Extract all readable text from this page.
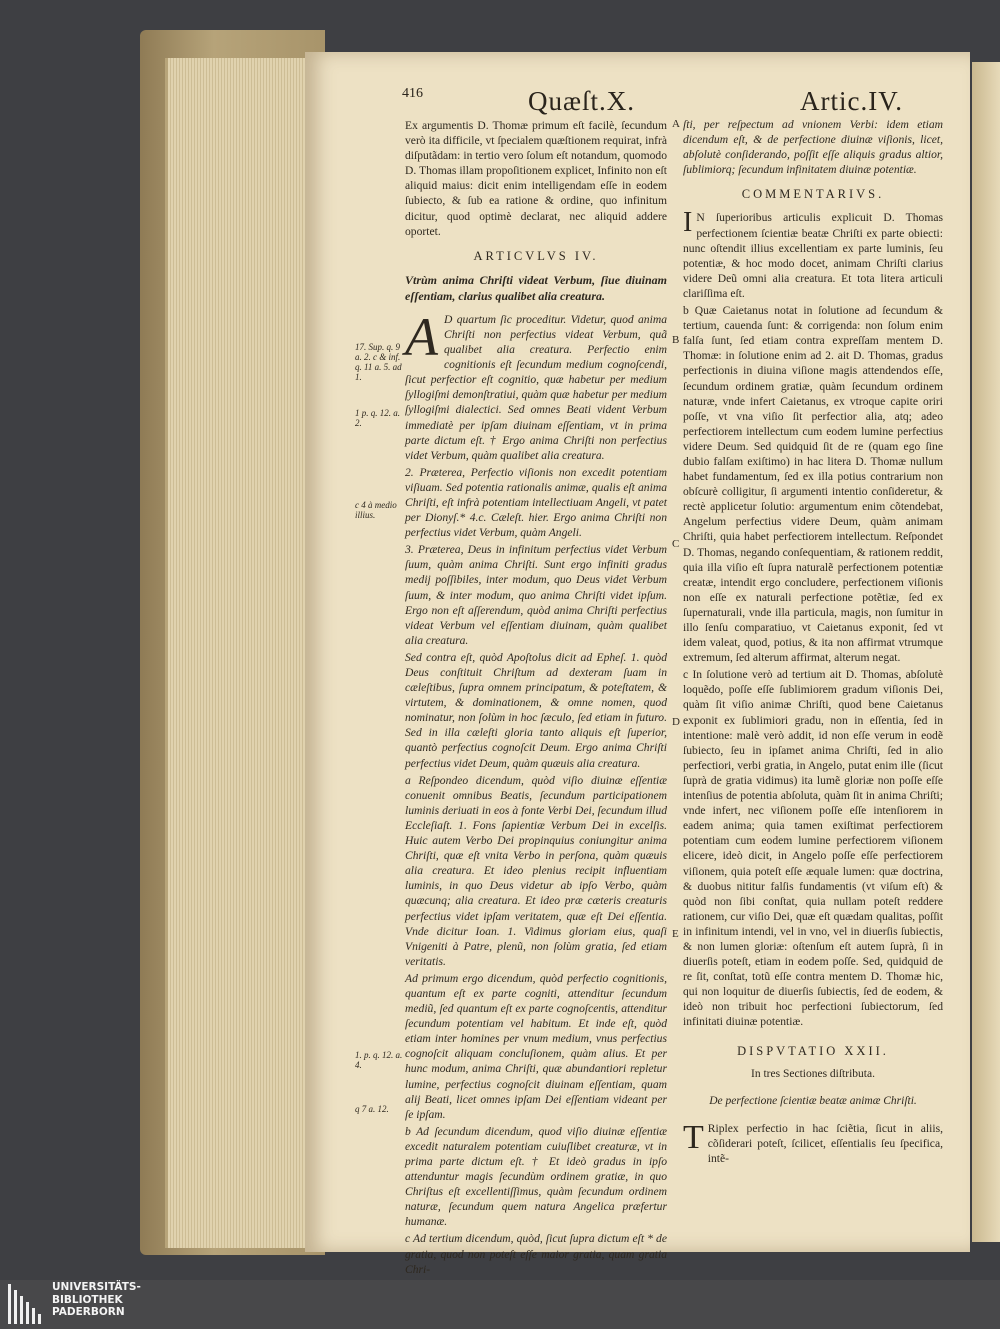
416	Quæſt.X.	Artic.IV.

Ex argumentis D. Thomæ primum eſt facilè, ſecundum verò ita difficile, vt ſpecialem quæſtionem requirat, infrà diſputãdam: in tertio vero ſolum eſt notandum, quomodo D. Thomas illam propoſitionem explicet, Infinito non eſt aliquid maius: dicit enim intelligendam eſſe in eodem ſubiecto, & ſub ea ratione & ordine, quo infinitum dicitur, quod optimè declarat, nec aliquid addere oportet.

ARTICVLVS IV.
Vtrùm anima Chriſti videat Verbum, ſiue diuinam eſſentiam, clarius qualibet alia creatura.

A D quartum ſic proceditur. Videtur, quod anima Chriſti non perfectius videat Verbum, quã qualibet alia creatura. Perfectio enim cognitionis eſt ſecundum medium cognoſcendi, ſicut perfectior eſt cognitio, quæ habetur per medium ſyllogiſmi demonſtratiui, quàm quæ habetur per medium ſyllogiſmi dialectici. Sed omnes Beati vident Verbum immediatè per ipſam diuinam eſſentiam, vt in prima parte dictum eſt. † Ergo anima Chriſti non perfectius videt Verbum, quàm qualibet alia creatura.

2. Præterea, Perfectio viſionis non excedit potentiam viſiuam. Sed potentia rationalis animæ, qualis eſt anima Chriſti, eſt infrà potentiam intellectiuam Angeli, vt patet per Dionyſ.* 4.c. Cæleſt. hier. Ergo anima Chriſti non perfectius videt Verbum, quàm Angeli.

3. Præterea, Deus in infinitum perfectius videt Verbum ſuum, quàm anima Chriſti. Sunt ergo infiniti gradus medij poſſibiles, inter modum, quo Deus videt Verbum ſuum, & inter modum, quo anima Chriſti videt ipſum. Ergo non eſt aſſerendum, quòd anima Chriſti perfectius videat Verbum vel eſſentiam diuinam, quàm qualibet alia creatura.

Sed contra eſt, quòd Apoſtolus dicit ad Epheſ. 1. quòd Deus conſtituit Chriſtum ad dexteram ſuam in cæleſtibus, ſupra omnem principatum, & poteſtatem, & virtutem, & dominationem, & omne nomen, quod nominatur, non ſolùm in hoc ſæculo, ſed etiam in futuro. Sed in illa cæleſti gloria tanto aliquis eſt ſuperior, quantò perfectius cognoſcit Deum. Ergo anima Chriſti perfectius videt Deum, quàm quæuis alia creatura.

a Reſpondeo dicendum, quòd viſio diuinæ eſſentiæ conuenit omnibus Beatis, ſecundum participationem luminis deriuati in eos à fonte Verbi Dei, ſecundum illud Eccleſiaſt. 1. Fons ſapientiæ Verbum Dei in excelſis. Huic autem Verbo Dei propinquius coniungitur anima Chriſti, quæ eſt vnita Verbo in perſona, quàm quæuis alia creatura. Et ideo plenius recipit influentiam luminis, in quo Deus videtur ab ipſo Verbo, quàm quæcunq; alia creatura. Et ideo præ cæteris creaturis perfectius videt ipſam veritatem, quæ eſt Dei eſſentia. Vnde dicitur Ioan. 1. Vidimus gloriam eius, quaſi Vnigeniti à Patre, plenũ, non ſolùm gratia, ſed etiam veritatis.

Ad primum ergo dicendum, quòd perfectio cognitionis, quantum eſt ex parte cogniti, attenditur ſecundum mediũ, ſed quantum eſt ex parte cognoſcentis, attenditur ſecundum potentiam vel habitum. Et inde eſt, quòd etiam inter homines per vnum medium, vnus perfectius cognoſcit aliquam concluſionem, quàm alius. Et per hunc modum, anima Chriſti, quæ abundantiori repletur lumine, perfectius cognoſcit diuinam eſſentiam, quam alij Beati, licet omnes ipſam Dei eſſentiam videant per ſe ipſam.

b Ad ſecundum dicendum, quod viſio diuinæ eſſentiæ excedit naturalem potentiam cuiuſlibet creaturæ, vt in prima parte dictum eſt. † Et ideò gradus in ipſo attenduntur magis ſecundùm ordinem gratiæ, in quo Chriſtus eſt excellentiſſimus, quàm ſecundum ordinem naturæ, ſecundum quem natura Angelica præfertur humanæ.

c Ad tertium dicendum, quòd, ſicut ſupra dictum eſt * de gratia, quod non poteſt eſſe maior gratia, quam gratia Chri-

17. Sup. q. 9 a. 2. c & inf. q. 11 a. 5. ad 1.
1 p. q. 12. a. 2.
c 4 à medio illius.
1. p. q. 12. a. 4.
q 7 a. 12.
A
B
C
D
E

ſti, per reſpectum ad vnionem Verbi: idem etiam dicendum eſt, & de perfectione diuinæ viſionis, licet, abſolutè conſiderando, poſſit eſſe aliquis gradus altior, ſublimiorq; ſecundum infinitatem diuinæ potentiæ.

COMMENTARIVS.

I N ſuperioribus articulis explicuit D. Thomas perfectionem ſcientiæ beatæ Chriſti ex parte obiecti: nunc oſtendit illius excellentiam ex parte luminis, ſeu potentiæ, & hoc modo docet, animam Chriſti clarius videre Deũ omni alia creatura. Et tota litera articuli clariſſima eſt.

b Quæ Caietanus notat in ſolutione ad ſecundum & tertium, cauenda ſunt: & corrigenda: non ſolum enim falſa ſunt, ſed etiam contra expreſſam mentem D. Thomæ: in ſolutione enim ad 2. ait D. Thomas, gradus perfectionis in diuina viſione magis attendendos eſſe, ſecundum ordinem gratiæ, quàm ſecundum ordinem naturæ, vnde infert Caietanus, ex vtroque capite oriri poſſe, vt vna viſio ſit perfectior alia, atq; adeo perfectiorem intellectum cum eodem lumine perfectius videre Deum. Sed quidquid ſit de re (quam ego ſine dubio falſam exiſtimo) in hac litera D. Thomæ nullum habet fundamentum, ſed ex illa potius contrarium non obſcurè colligitur, ſi argumenti intentio conſideretur, & rectè applicetur ſolutio: argumentum enim cõtendebat, Angelum perfectius videre Deum, quàm animam Chriſti, quia habet perfectiorem intellectum. Reſpondet D. Thomas, negando conſequentiam, & rationem reddit, quia illa viſio eſt ſupra naturalẽ perfectionem potentiæ creatæ, intendit ergo concludere, perfectionem viſionis non eſſe ex naturali perfectione potẽtiæ, ſed ex ſupernaturali, vnde illa particula, magis, non ſumitur in illo ſenſu comparatiuo, vt Caietanus exponit, ſed vt idem valeat, quod, potius, & ita non affirmat vtrumque extremum, ſed alterum affirmat, alterum negat.

c In ſolutione verò ad tertium ait D. Thomas, abſolutè loquẽdo, poſſe eſſe ſublimiorem gradum viſionis Dei, quàm ſit viſio animæ Chriſti, quod bene Caietanus exponit ex ſublimiori gradu, non in eſſentia, ſed in intentione: malè verò addit, id non eſſe verum in eodẽ ſubiecto, ſeu in ipſamet anima Chriſti, ſed in alio perfectiori, verbi gratia, in Angelo, putat enim ille (ſicut ſuprà de gratia vidimus) ita lumẽ gloriæ non poſſe eſſe intenſius de potentia abſoluta, quàm ſit in anima Chriſti; vnde infert, nec viſionem poſſe eſſe intenſiorem in eadem anima; quia tamen exiſtimat perfectiorem potentiam cum eodem lumine perfectiorem viſionem elicere, ideò dicit, in Angelo poſſe eſſe perfectiorem viſionem, quia poteſt eſſe æquale lumen: quæ doctrina, & duobus nititur falſis fundamentis (vt viſum eſt) & quòd non ſibi conſtat, quia nullam poteſt reddere rationem, cur viſio Dei, quæ eſt quædam qualitas, poſſit in infinitum intendi, vel in vno, vel in diuerſis ſubiectis, & non lumen gloriæ: oſtenſum eſt autem ſuprà, ſi in diuerſis poteſt, etiam in eodem poſſe. Sed, quidquid de re ſit, conſtat, totũ eſſe contra mentem D. Thomæ hic, qui non loquitur de diuerſis ſubiectis, ſed de eodem, & ideò non tribuit hoc perfectioni ſubiectorum, ſed infinitati diuinæ potentiæ.

DISPVTATIO XXII.
In tres Sectiones diſtributa.
De perfectione ſcientiæ beatæ animæ Chriſti.

T Riplex perfectio in hac ſciẽtia, ſicut in aliis, cõſiderari poteſt, ſcilicet, eſſentialis ſeu ſpecifica, intẽ-

UNIVERSITÄTS-
BIBLIOTHEK
PADERBORN
